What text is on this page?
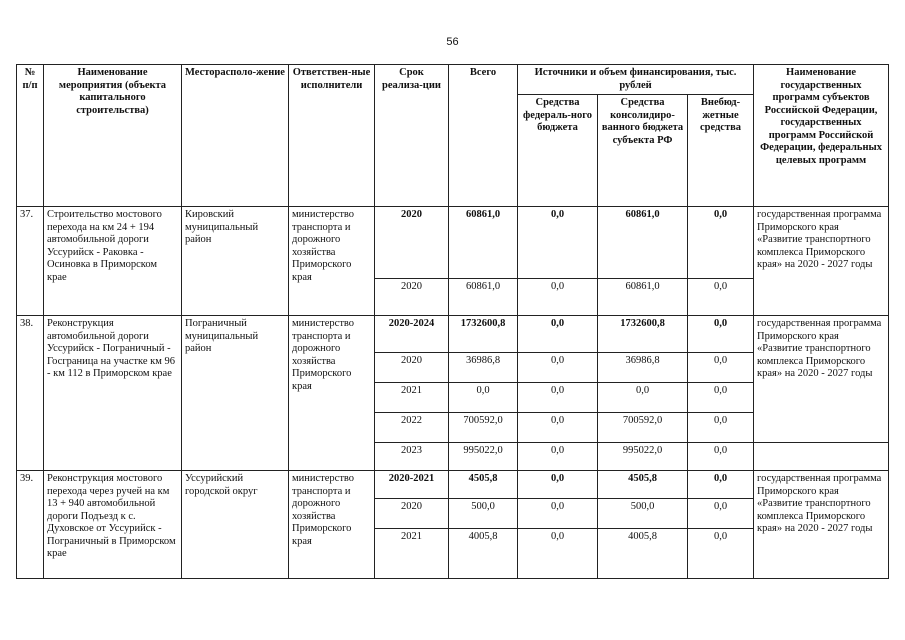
56
№ п/п	Наименование мероприятия (объекта капитального строительства)	Месторасполо-жение	Ответствен-ные исполнители	Срок реализа-ции	Всего	Источники и объем финансирования, тыс. рублей			Наименование государственных программ субъектов Российской Федерации, государственных программ Российской Федерации, федеральных целевых программ
						Средства федераль-ного бюджета	Средства консолидиро-ванного бюджета субъекта РФ	Внебюд-жетные средства	
37.	Строительство мостового перехода на км 24 + 194 автомобильной дороги Уссурийск - Раковка - Осиновка в Приморском крае	Кировский муниципальный район	министерство транспорта и дорожного хозяйства Приморского края	2020	60861,0	0,0	60861,0	0,0	государственная программа Приморского края «Развитие транспортного комплекса Приморского края» на 2020 - 2027 годы
				2020	60861,0	0,0	60861,0	0,0	
38.	Реконструкция автомобильной дороги Уссурийск - Пограничный - Госграница на участке км 96 - км 112 в Приморском крае	Пограничный муниципальный район	министерство транспорта и дорожного хозяйства Приморского края	2020-2024	1732600,8	0,0	1732600,8	0,0	государственная программа Приморского края «Развитие транспортного комплекса Приморского края» на 2020 - 2027 годы
				2020	36986,8	0,0	36986,8	0,0	
				2021	0,0	0,0	0,0	0,0	
				2022	700592,0	0,0	700592,0	0,0	
				2023	995022,0	0,0	995022,0	0,0	
39.	Реконструкция мостового перехода через ручей на км 13 + 940 автомобильной дороги Подъезд к с. Духовское от Уссурийск - Пограничный в Приморском крае	Уссурийский городской округ	министерство транспорта и дорожного хозяйства Приморского края	2020-2021	4505,8	0,0	4505,8	0,0	государственная программа Приморского края «Развитие транспортного комплекса Приморского края» на 2020 - 2027 годы
				2020	500,0	0,0	500,0	0,0	
				2021	4005,8	0,0	4005,8	0,0	
